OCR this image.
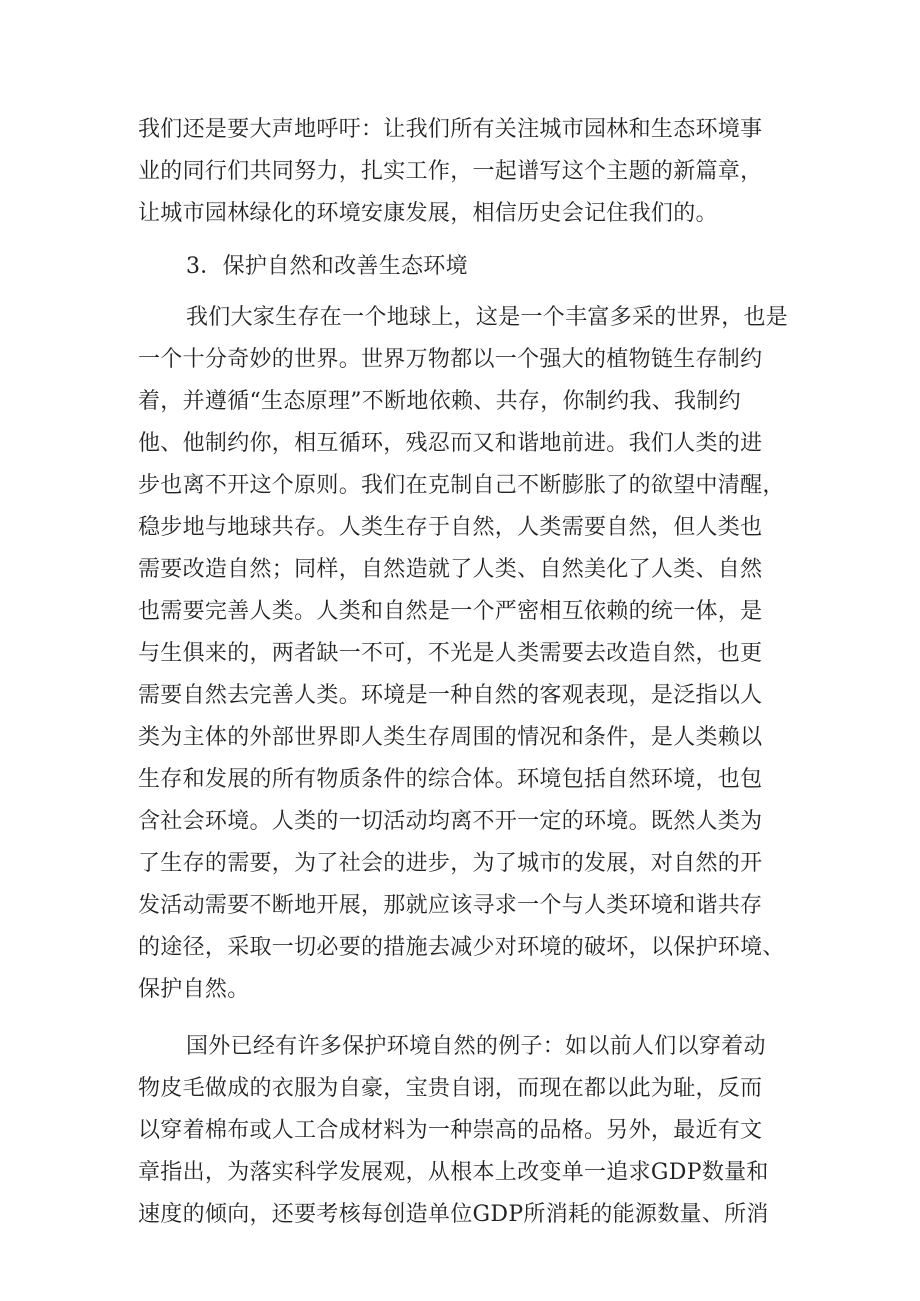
我们还是要大声地呼吁：让我们所有关注城市园林和生态环境事
业的同行们共同努力，扎实工作，一起谱写这个主题的新篇章，
让城市园林绿化的环境安康发展，相信历史会记住我们的。
3．保护自然和改善生态环境
我们大家生存在一个地球上，这是一个丰富多采的世界，也是
一个十分奇妙的世界。世界万物都以一个强大的植物链生存制约
着，并遵循“生态原理”不断地依赖、共存，你制约我、我制约
他、他制约你，相互循环，残忍而又和谐地前进。我们人类的进
步也离不开这个原则。我们在克制自己不断膨胀了的欲望中清醒，
稳步地与地球共存。人类生存于自然，人类需要自然，但人类也
需要改造自然；同样，自然造就了人类、自然美化了人类、自然
也需要完善人类。人类和自然是一个严密相互依赖的统一体，是
与生俱来的，两者缺一不可，不光是人类需要去改造自然，也更
需要自然去完善人类。环境是一种自然的客观表现，是泛指以人
类为主体的外部世界即人类生存周围的情况和条件，是人类赖以
生存和发展的所有物质条件的综合体。环境包括自然环境，也包
含社会环境。人类的一切活动均离不开一定的环境。既然人类为
了生存的需要，为了社会的进步，为了城市的发展，对自然的开
发活动需要不断地开展，那就应该寻求一个与人类环境和谐共存
的途径，采取一切必要的措施去减少对环境的破坏，以保护环境、
保护自然。
国外已经有许多保护环境自然的例子：如以前人们以穿着动
物皮毛做成的衣服为自豪，宝贵自诩，而现在都以此为耻，反而
以穿着棉布或人工合成材料为一种崇高的品格。另外，最近有文
章指出，为落实科学发展观，从根本上改变单一追求GDP数量和
速度的倾向，还要考核每创造单位GDP所消耗的能源数量、所消
